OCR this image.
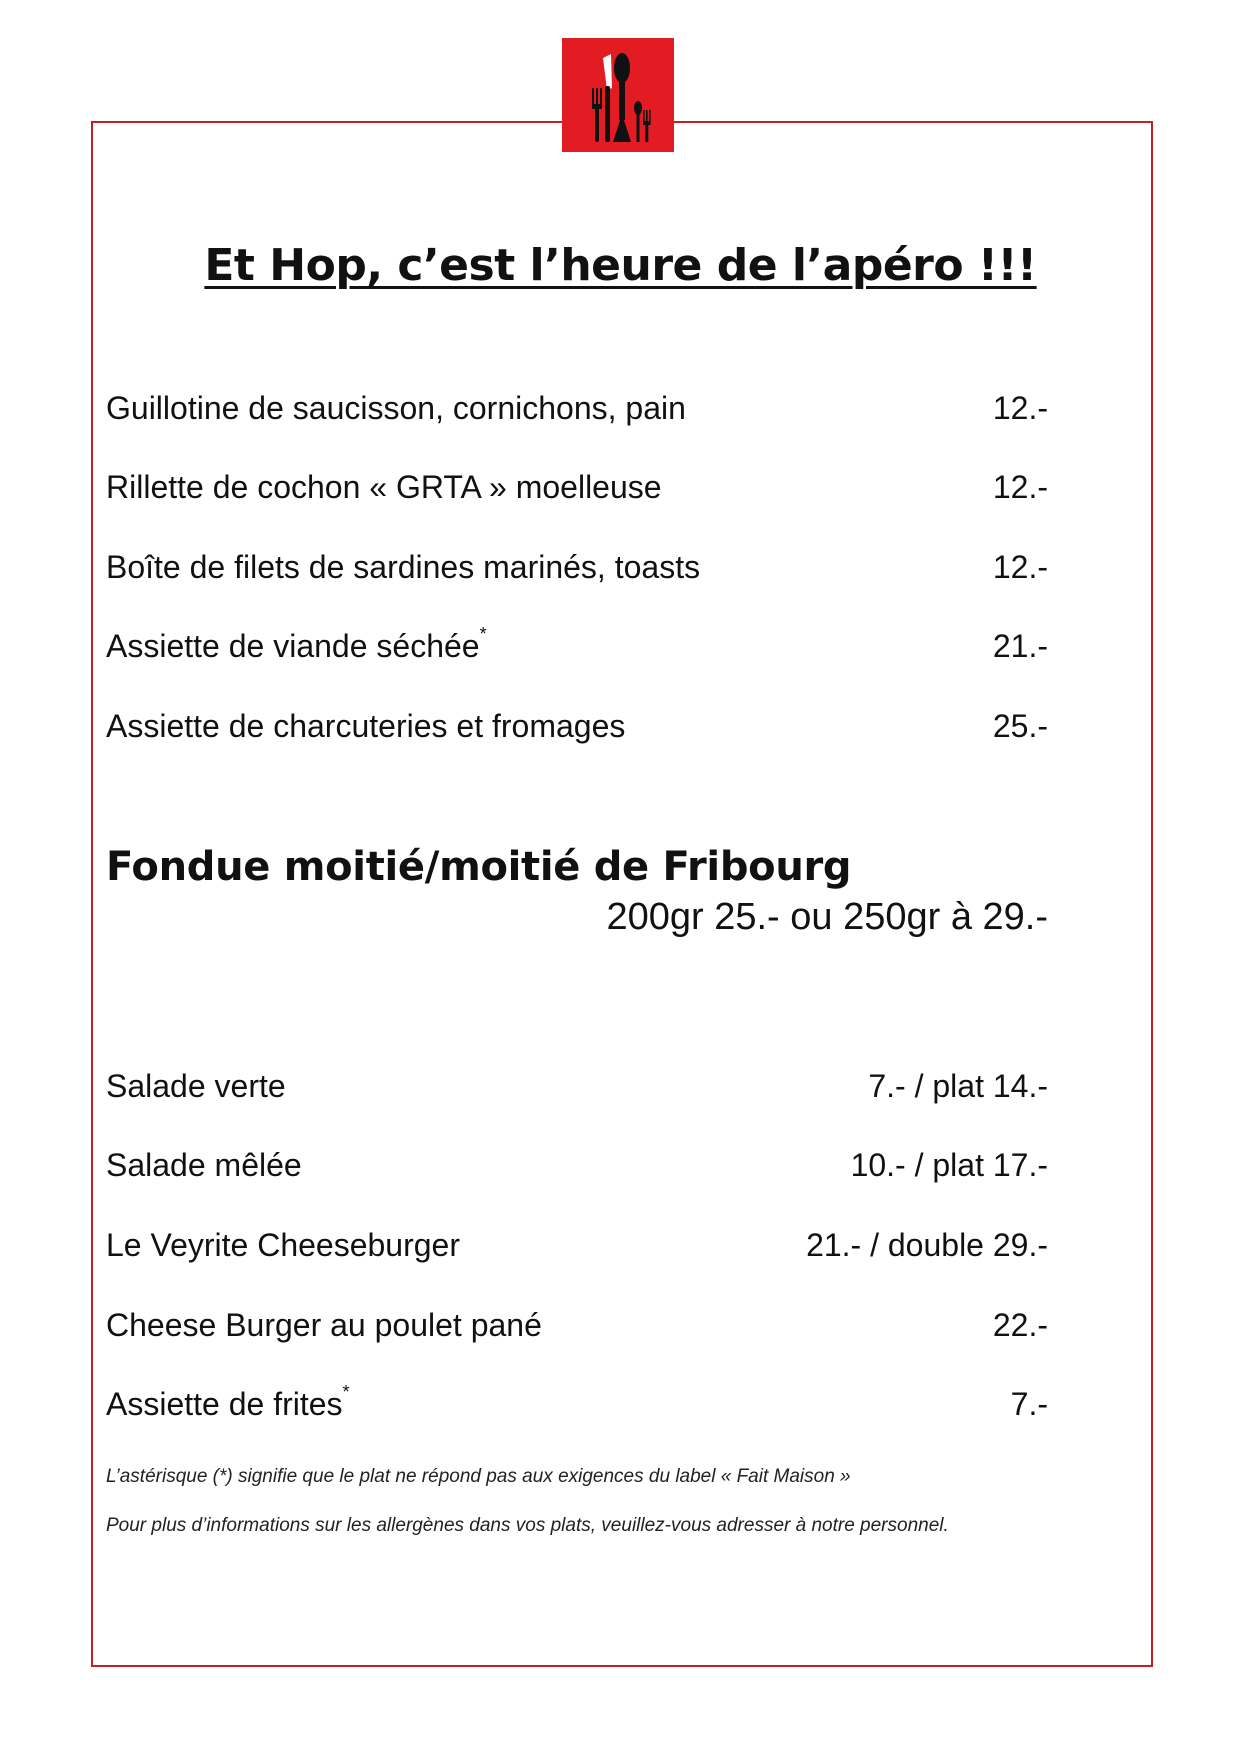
Et Hop, c’est l’heure de l’apéro !!!
Guillotine de saucisson, cornichons, pain	12.-
Rillette de cochon « GRTA » moelleuse	12.-
Boîte de filets de sardines marinés, toasts	12.-
Assiette de viande séchée*	21.-
Assiette de charcuteries et fromages	25.-
Fondue moitié/moitié de Fribourg
200gr 25.- ou 250gr à 29.-
Salade verte	7.- / plat 14.-
Salade mêlée	10.- / plat 17.-
Le Veyrite Cheeseburger	21.- / double 29.-
Cheese Burger au poulet pané	22.-
Assiette de frites*	7.-
L’astérisque (*) signifie que le plat ne répond pas aux exigences du label « Fait Maison »
Pour plus d’informations sur les allergènes dans vos plats, veuillez-vous adresser à notre personnel.
